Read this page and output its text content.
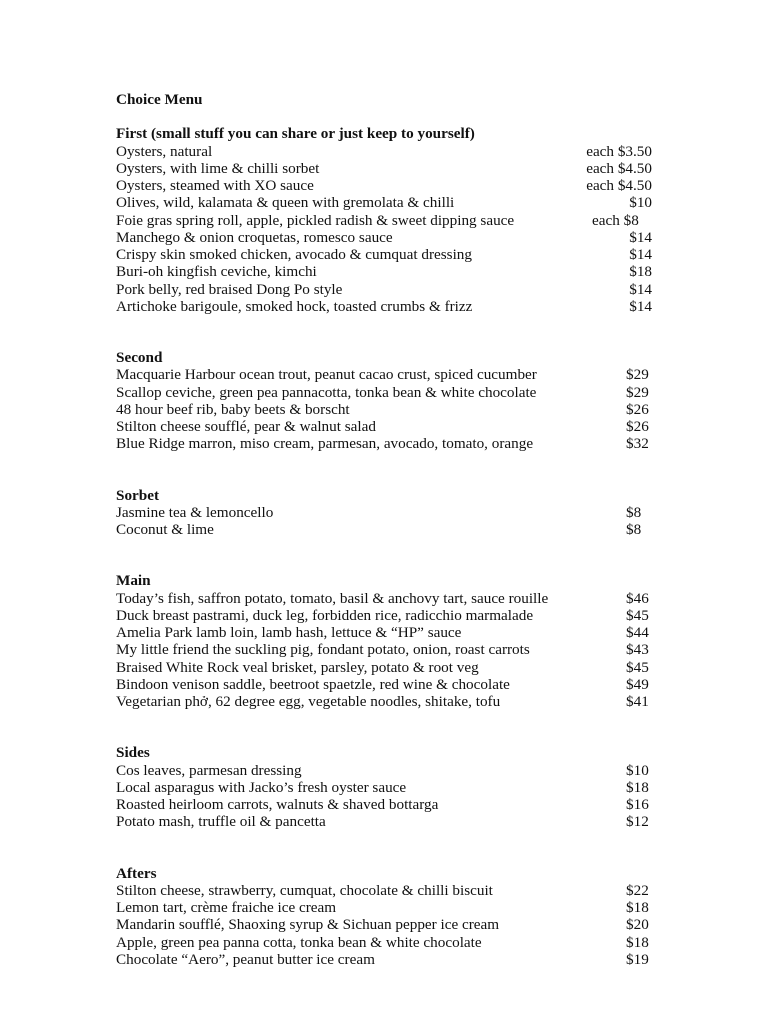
Choice Menu
First (small stuff you can share or just keep to yourself)
Oysters, natural	each $3.50
Oysters, with lime & chilli sorbet	each $4.50
Oysters, steamed with XO sauce	each $4.50
Olives, wild, kalamata & queen with gremolata & chilli	$10
Foie gras spring roll, apple, pickled radish & sweet dipping sauce	each $8
Manchego & onion croquetas, romesco sauce	$14
Crispy skin smoked chicken, avocado & cumquat dressing	$14
Buri-oh kingfish ceviche, kimchi	$18
Pork belly, red braised Dong Po style	$14
Artichoke barigoule, smoked hock, toasted crumbs & frizz	$14
Second
Macquarie Harbour ocean trout, peanut cacao crust, spiced cucumber	$29
Scallop ceviche, green pea pannacotta, tonka bean & white chocolate	$29
48 hour beef rib, baby beets & borscht	$26
Stilton cheese soufflé, pear & walnut salad	$26
Blue Ridge marron, miso cream, parmesan, avocado, tomato, orange	$32
Sorbet
Jasmine tea & lemoncello	$8
Coconut & lime	$8
Main
Today’s fish, saffron potato, tomato, basil & anchovy tart, sauce rouille	$46
Duck breast pastrami, duck leg, forbidden rice, radicchio marmalade	$45
Amelia Park lamb loin, lamb hash, lettuce & “HP” sauce	$44
My little friend the suckling pig, fondant potato, onion, roast carrots	$43
Braised White Rock veal brisket, parsley, potato & root veg	$45
Bindoon venison saddle, beetroot spaetzle, red wine & chocolate	$49
Vegetarian phở, 62 degree egg, vegetable noodles, shitake, tofu	$41
Sides
Cos leaves, parmesan dressing	$10
Local asparagus with Jacko’s fresh oyster sauce	$18
Roasted heirloom carrots, walnuts & shaved bottarga	$16
Potato mash, truffle oil & pancetta	$12
Afters
Stilton cheese, strawberry, cumquat, chocolate & chilli biscuit	$22
Lemon tart, crème fraiche ice cream	$18
Mandarin soufflé, Shaoxing syrup & Sichuan pepper ice cream	$20
Apple, green pea panna cotta, tonka bean & white chocolate	$18
Chocolate “Aero”, peanut butter ice cream	$19
